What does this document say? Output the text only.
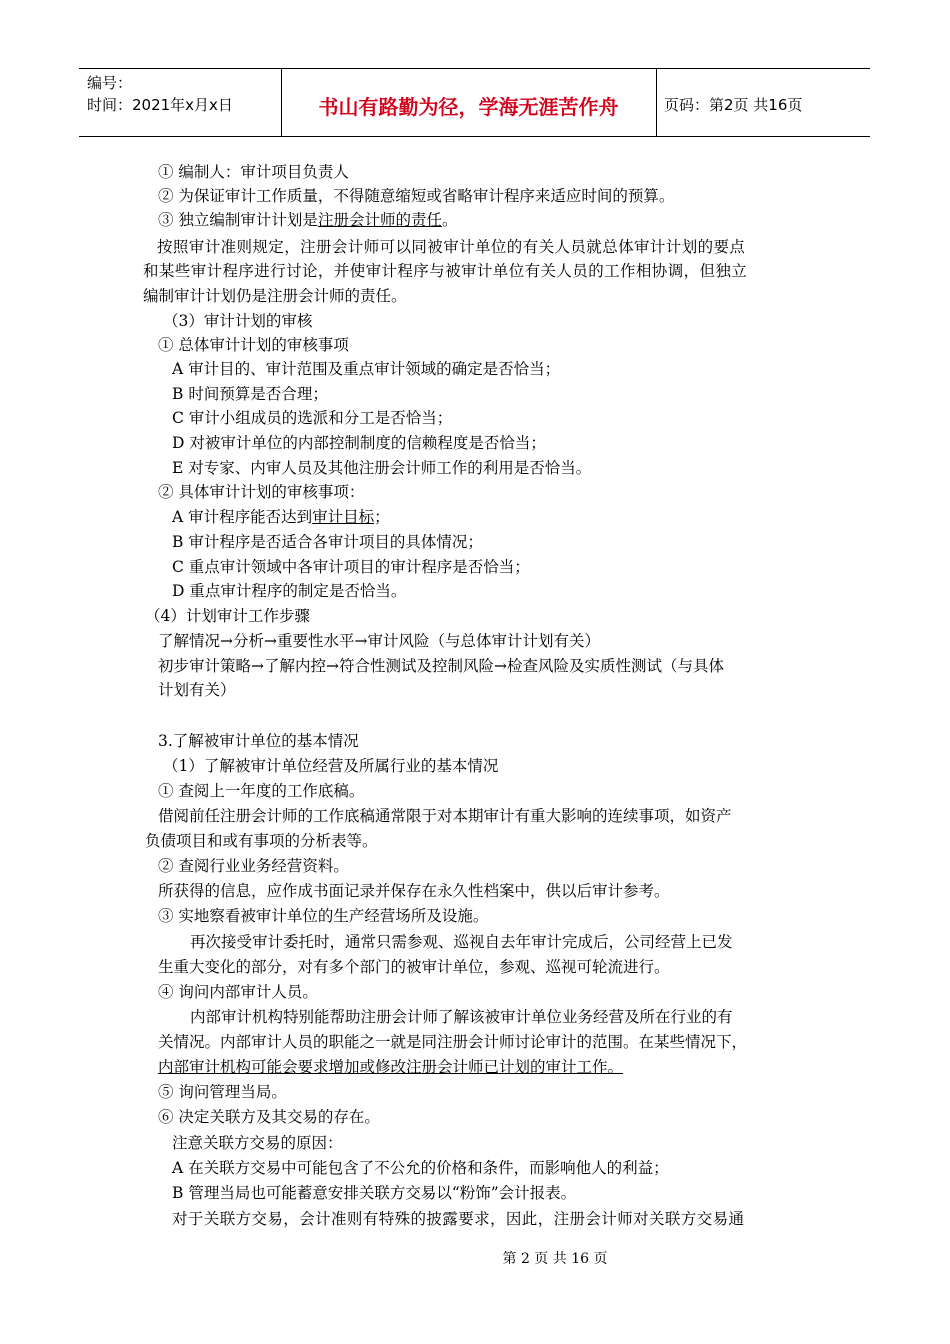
编号：
时间：2021年x月x日	书山有路勤为径，学海无涯苦作舟	页码：第2页 共16页
① 编制人：审计项目负责人
② 为保证审计工作质量，不得随意缩短或省略审计程序来适应时间的预算。
③ 独立编制审计计划是注册会计师的责任。
按照审计准则规定，注册会计师可以同被审计单位的有关人员就总体审计计划的要点
和某些审计程序进行讨论，并使审计程序与被审计单位有关人员的工作相协调，但独立
编制审计计划仍是注册会计师的责任。
（3）审计计划的审核
① 总体审计计划的审核事项
A 审计目的、审计范围及重点审计领域的确定是否恰当；
B 时间预算是否合理；
C 审计小组成员的选派和分工是否恰当；
D 对被审计单位的内部控制制度的信赖程度是否恰当；
E 对专家、内审人员及其他注册会计师工作的利用是否恰当。
② 具体审计计划的审核事项：
A 审计程序能否达到审计目标；
B 审计程序是否适合各审计项目的具体情况；
C 重点审计领域中各审计项目的审计程序是否恰当；
D 重点审计程序的制定是否恰当。
（4）计划审计工作步骤
了解情况→分析→重要性水平→审计风险（与总体审计计划有关）
初步审计策略→了解内控→符合性测试及控制风险→检查风险及实质性测试（与具体
计划有关）
3.了解被审计单位的基本情况
（1）了解被审计单位经营及所属行业的基本情况
① 查阅上一年度的工作底稿。
借阅前任注册会计师的工作底稿通常限于对本期审计有重大影响的连续事项，如资产
负债项目和或有事项的分析表等。
② 查阅行业业务经营资料。
所获得的信息，应作成书面记录并保存在永久性档案中，供以后审计参考。
③ 实地察看被审计单位的生产经营场所及设施。
再次接受审计委托时，通常只需参观、巡视自去年审计完成后，公司经营上已发
生重大变化的部分，对有多个部门的被审计单位，参观、巡视可轮流进行。
④ 询问内部审计人员。
内部审计机构特别能帮助注册会计师了解该被审计单位业务经营及所在行业的有
关情况。内部审计人员的职能之一就是同注册会计师讨论审计的范围。在某些情况下，
内部审计机构可能会要求增加或修改注册会计师已计划的审计工作。
⑤ 询问管理当局。
⑥ 决定关联方及其交易的存在。
注意关联方交易的原因：
A 在关联方交易中可能包含了不公允的价格和条件，而影响他人的利益；
B 管理当局也可能蓄意安排关联方交易以“粉饰”会计报表。
对于关联方交易，会计准则有特殊的披露要求，因此，注册会计师对关联方交易通
第 2 页 共 16 页
